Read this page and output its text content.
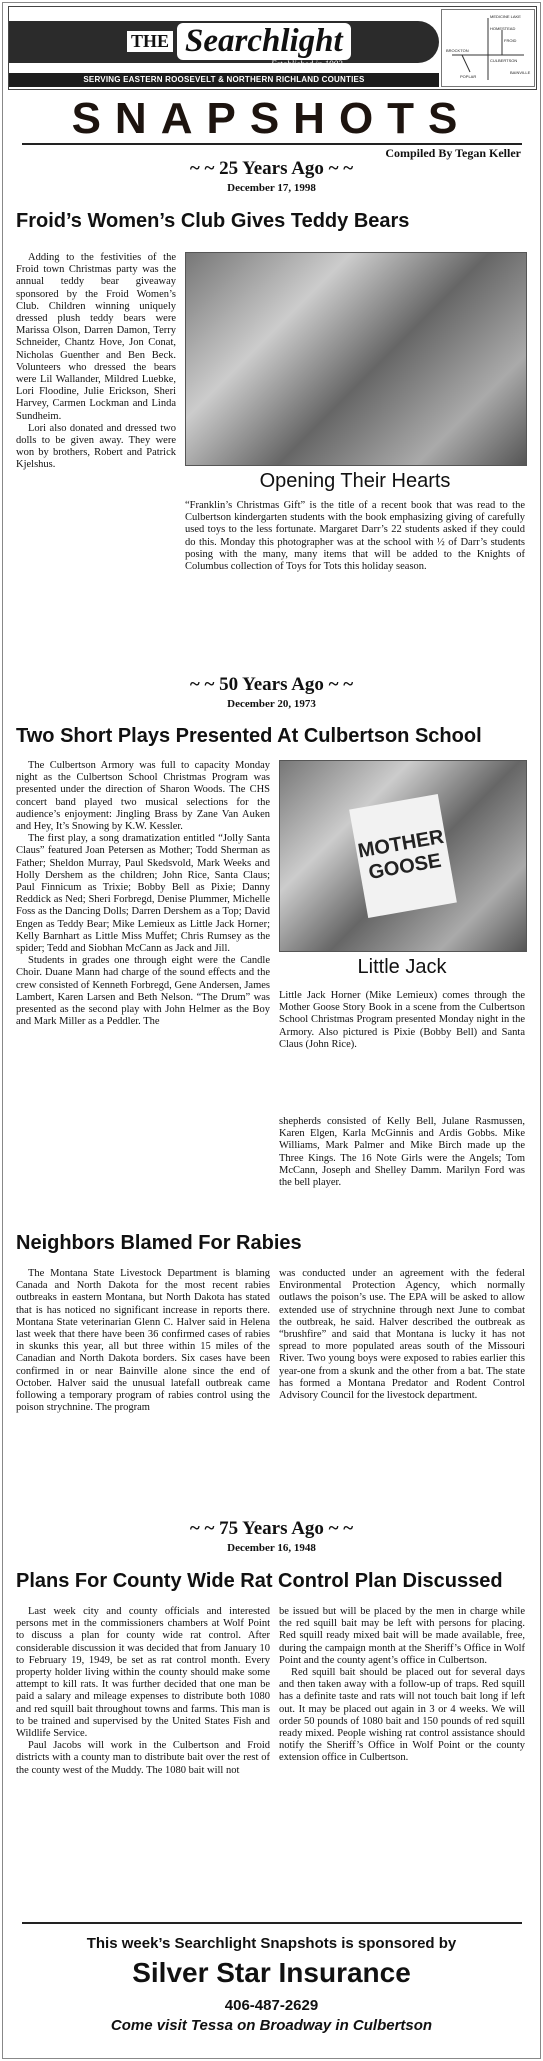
THE Searchlight
Established in 1902
SERVING EASTERN ROOSEVELT & NORTHERN RICHLAND COUNTIES
MEDICINE LAKE
HOMESTEAD
BROCKTON
FROID
CULBERTSON
BAINVILLE
POPLAR
SNAPSHOTS
Compiled By Tegan Keller
~ ~ 25 Years Ago ~ ~
December 17, 1998
Froid’s Women’s Club Gives Teddy Bears

Adding to the festivities of the Froid town Christmas party was the annual teddy bear giveaway sponsored by the Froid Women’s Club. Children winning uniquely dressed plush teddy bears were Marissa Olson, Darren Damon, Terry Schneider, Chantz Hove, Jon Conat, Nicholas Guenther and Ben Beck. Volunteers who dressed the bears were Lil Wallander, Mildred Luebke, Lori Floodine, Julie Erickson, Sheri Harvey, Carmen Lockman and Linda Sundheim.

Lori also donated and dressed two dolls to be given away. They were won by brothers, Robert and Patrick Kjelshus.

Opening Their Hearts
“Franklin’s Christmas Gift” is the title of a recent book that was read to the Culbertson kindergarten students with the book emphasizing giving of carefully used toys to the less fortunate. Margaret Darr’s 22 students asked if they could do this. Monday this photographer was at the school with ½ of Darr’s students posing with the many, many items that will be added to the Knights of Columbus collection of Toys for Tots this holiday season.
~ ~ 50 Years Ago ~ ~
December 20, 1973
Two Short Plays Presented At Culbertson School

The Culbertson Armory was full to capacity Monday night as the Culbertson School Christmas Program was presented under the direction of Sharon Woods. The CHS concert band played two musical selections for the audience’s enjoyment: Jingling Brass by Zane Van Auken and Hey, It’s Snowing by K.W. Kessler.

The first play, a song dramatization entitled “Jolly Santa Claus” featured Joan Petersen as Mother; Todd Sherman as Father; Sheldon Murray, Paul Skedsvold, Mark Weeks and Holly Dershem as the children; John Rice, Santa Claus; Paul Finnicum as Trixie; Bobby Bell as Pixie; Danny Reddick as Ned; Sheri Forbregd, Denise Plummer, Michelle Foss as the Dancing Dolls; Darren Dershem as a Top; David Engen as Teddy Bear; Mike Lemieux as Little Jack Horner; Kelly Barnhart as Little Miss Muffet; Chris Rumsey as the spider; Tedd and Siobhan McCann as Jack and Jill.

Students in grades one through eight were the Candle Choir. Duane Mann had charge of the sound effects and the crew consisted of Kenneth Forbregd, Gene Andersen, James Lambert, Karen Larsen and Beth Nelson. “The Drum” was presented as the second play with John Helmer as the Boy and Mark Miller as a Peddler. The

MOTHER GOOSE
Little Jack
Little Jack Horner (Mike Lemieux) comes through the Mother Goose Story Book in a scene from the Culbertson School Christmas Program presented Monday night in the Armory. Also pictured is Pixie (Bobby Bell) and Santa Claus (John Rice).
shepherds consisted of Kelly Bell, Julane Rasmussen, Karen Elgen, Karla McGinnis and Ardis Gobbs. Mike Williams, Mark Palmer and Mike Birch made up the Three Kings. The 16 Note Girls were the Angels; Tom McCann, Joseph and Shelley Damm. Marilyn Ford was the bell player.
Neighbors Blamed For Rabies
The Montana State Livestock Department is blaming Canada and North Dakota for the most recent rabies outbreaks in eastern Montana, but North Dakota has stated that is has noticed no significant increase in reports there. Montana State veterinarian Glenn C. Halver said in Helena last week that there have been 36 confirmed cases of rabies in skunks this year, all but three within 15 miles of the Canadian and North Dakota borders. Six cases have been confirmed in or near Bainville alone since the end of October. Halver said the unusual latefall outbreak came following a temporary program of rabies control using the poison strychnine. The program
was conducted under an agreement with the federal Environmental Protection Agency, which normally outlaws the poison’s use. The EPA will be asked to allow extended use of strychnine through next June to combat the outbreak, he said. Halver described the outbreak as “brushfire” and said that Montana is lucky it has not spread to more populated areas south of the Missouri River. Two young boys were exposed to rabies earlier this year-one from a skunk and the other from a bat. The state has formed a Montana Predator and Rodent Control Advisory Council for the livestock department.
~ ~ 75 Years Ago ~ ~
December 16, 1948
Plans For County Wide Rat Control Plan Discussed

Last week city and county officials and interested persons met in the commissioners chambers at Wolf Point to discuss a plan for county wide rat control. After considerable discussion it was decided that from January 10 to February 19, 1949, be set as rat control month. Every property holder living within the county should make some attempt to kill rats. It was further decided that one man be paid a salary and mileage expenses to distribute both 1080 and red squill bait throughout towns and farms. This man is to be trained and supervised by the United States Fish and Wildlife Service.

Paul Jacobs will work in the Culbertson and Froid districts with a county man to distribute bait over the rest of the county west of the Muddy. The 1080 bait will not

be issued but will be placed by the men in charge while the red squill bait may be left with persons for placing. Red squill ready mixed bait will be made available, free, during the campaign month at the Sheriff’s Office in Wolf Point and the county agent’s office in Culbertson.

Red squill bait should be placed out for several days and then taken away with a follow-up of traps. Red squill has a definite taste and rats will not touch bait long if left out. It may be placed out again in 3 or 4 weeks. We will order 50 pounds of 1080 bait and 150 pounds of red squill ready mixed. People wishing rat control assistance should notify the Sheriff’s Office in Wolf Point or the county extension office in Culbertson.

This week’s Searchlight Snapshots is sponsored by
Silver Star Insurance
406-487-2629
Come visit Tessa on Broadway in Culbertson
